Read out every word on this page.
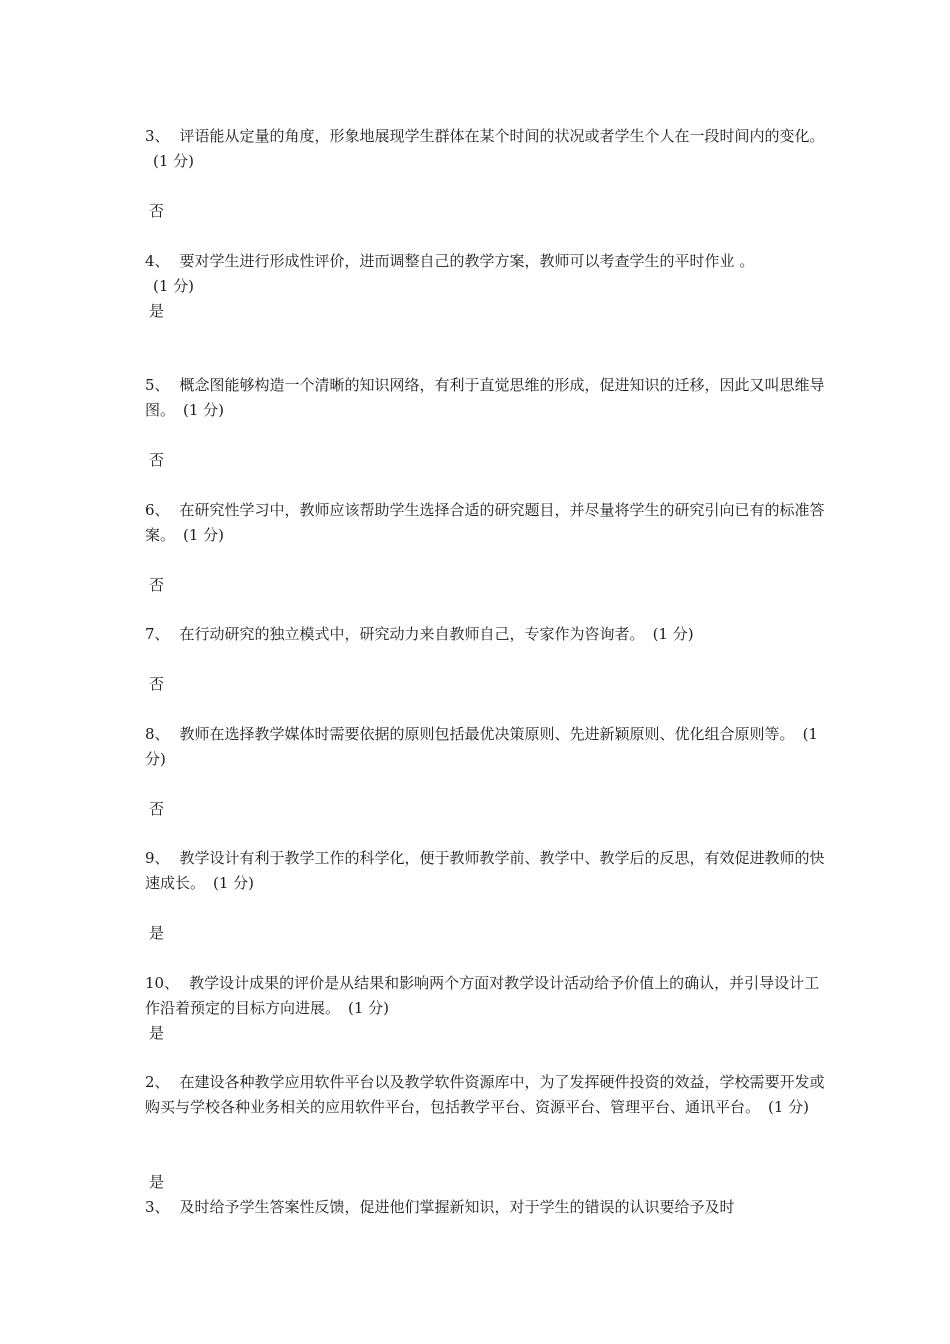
3、 评语能从定量的角度，形象地展现学生群体在某个时间的状况或者学生个人在一段时间内的变化。(1 分)

否

4、 要对学生进行形成性评价，进而调整自己的教学方案，教师可以考查学生的平时作业 。
(1 分)

是

5、 概念图能够构造一个清晰的知识网络，有利于直觉思维的形成，促进知识的迁移，因此又叫思维导图。 (1 分)

否

6、 在研究性学习中，教师应该帮助学生选择合适的研究题目，并尽量将学生的研究引向已有的标准答案。 (1 分)

否

7、 在行动研究的独立模式中，研究动力来自教师自己，专家作为咨询者。 (1 分)

否

8、 教师在选择教学媒体时需要依据的原则包括最优决策原则、先进新颖原则、优化组合原则等。 (1 分)

否

9、 教学设计有利于教学工作的科学化，便于教师教学前、教学中、教学后的反思，有效促进教师的快速成长。 (1 分)

是

10、 教学设计成果的评价是从结果和影响两个方面对教学设计活动给予价值上的确认，并引导设计工作沿着预定的目标方向进展。 (1 分)

是

2、 在建设各种教学应用软件平台以及教学软件资源库中，为了发挥硬件投资的效益，学校需要开发或购买与学校各种业务相关的应用软件平台，包括教学平台、资源平台、管理平台、通讯平台。 (1 分)

是

3、 及时给予学生答案性反馈，促进他们掌握新知识，对于学生的错误的认识要给予及时
